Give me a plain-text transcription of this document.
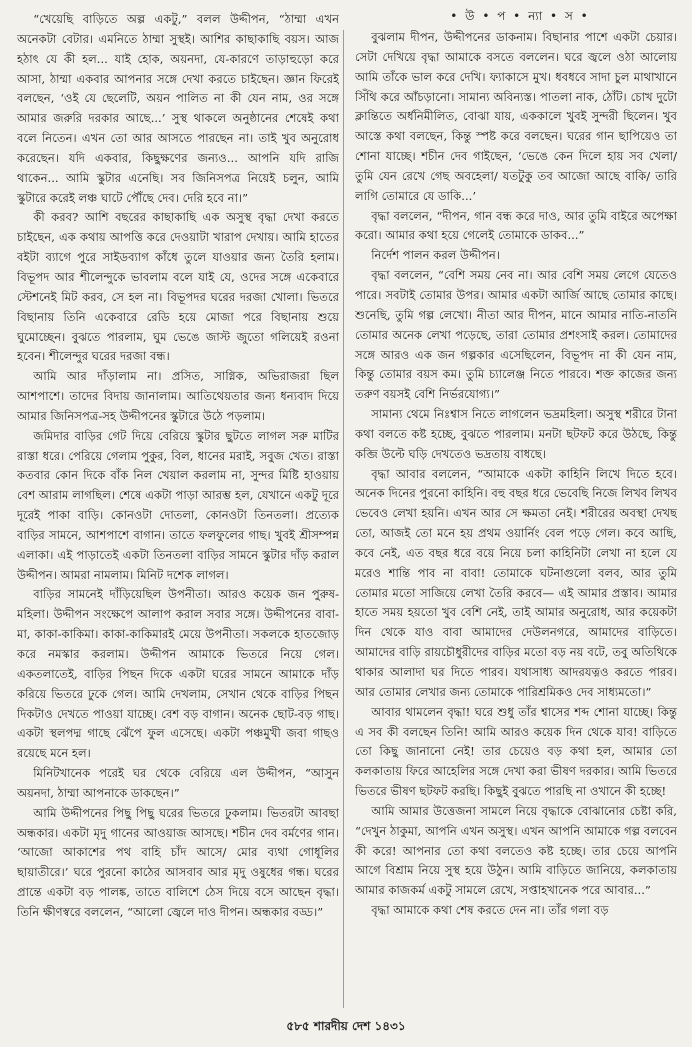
• উ • প • ন্যা • স •

“খেয়েছি বাড়িতে অল্প একটু,” বলল উদ্দীপন, “ঠাম্মা এখন অনেকটা বেটার। এমনিতে ঠাম্মা সুস্থই। আশির কাছাকাছি বয়স। আজ হঠাৎ যে কী হল... যাই হোক, অয়নদা, যে-কারণে তাড়াহুড়ো করে আসা, ঠাম্মা একবার আপনার সঙ্গে দেখা করতে চাইছেন। জ্ঞান ফিরেই বলছেন, ‘ওই যে ছেলেটি, অয়ন পালিত না কী যেন নাম, ওর সঙ্গে আমার জরুরি দরকার আছে...’ সুস্থ থাকলে অনুষ্ঠানের শেষেই কথা বলে নিতেন। এখন তো আর আসতে পারছেন না। তাই খুব অনুরোধ করেছেন। যদি একবার, কিছুক্ষণের জন্যও... আপনি যদি রাজি থাকেন... আমি স্কুটার এনেছি। সব জিনিসপত্র নিয়েই চলুন, আমি স্কুটারে করেই লঞ্চ ঘাটে পৌঁছে দেব। দেরি হবে না।”

কী করব? আশি বছরের কাছাকাছি এক অসুস্থ বৃদ্ধা দেখা করতে চাইছেন, এক কথায় আপত্তি করে দেওয়াটা খারাপ দেখায়। আমি হাতের বইটা ব্যাগে পুরে সাইডব্যাগ কাঁধে তুলে যাওয়ার জন্য তৈরি হলাম। বিভূপদ আর শীলেন্দুকে ভাবলাম বলে যাই যে, ওদের সঙ্গে একেবারে স্টেশনেই মিট করব, সে হল না। বিভূপদর ঘরের দরজা খোলা। ভিতরে বিছানায় তিনি একেবারে রেডি হয়ে মোজা পরে বিছানায় শুয়ে ঘুমোচ্ছেন। বুঝতে পারলাম, ঘুম ভেঙে জাস্ট জুতো গলিয়েই রওনা হবেন। শীলেন্দুর ঘরের দরজা বন্ধ।

আমি আর দাঁড়ালাম না। প্রসিত, সাগ্নিক, অভিরাজরা ছিল আশপাশে। তাদের বিদায় জানালাম। আতিথেয়তার জন্য ধন্যবাদ দিয়ে আমার জিনিসপত্র-সহ উদ্দীপনের স্কুটারে উঠে পড়লাম।

জমিদার বাড়ির গেট দিয়ে বেরিয়ে স্কুটার ছুটতে লাগল সরু মাটির রাস্তা ধরে। পেরিয়ে গেলাম পুকুর, বিল, ধানের মরাই, সবুজ খেত। রাস্তা কতবার কোন দিকে বাঁক নিল খেয়াল করলাম না, সুন্দর মিষ্টি হাওয়ায় বেশ আরাম লাগছিল। শেষে একটা পাড়া আরম্ভ হল, যেখানে একটু দূরে দূরেই পাকা বাড়ি। কোনওটা দোতলা, কোনওটা তিনতলা। প্রত্যেক বাড়ির সামনে, আশপাশে বাগান। তাতে ফলফুলের গাছ। খুবই শ্রীসম্পন্ন এলাকা। এই পাড়াতেই একটা তিনতলা বাড়ির সামনে স্কুটার দাঁড় করাল উদ্দীপন। আমরা নামলাম। মিনিট দশেক লাগল।

বাড়ির সামনেই দাঁড়িয়েছিল উপনীতা। আরও কয়েক জন পুরুষ-মহিলা। উদ্দীপন সংক্ষেপে আলাপ করাল সবার সঙ্গে। উদ্দীপনের বাবা-মা, কাকা-কাকিমা। কাকা-কাকিমারই মেয়ে উপনীতা। সকলকে হাতজোড় করে নমস্কার করলাম। উদ্দীপন আমাকে ভিতরে নিয়ে গেল। একতলাতেই, বাড়ির পিছন দিকে একটা ঘরের সামনে আমাকে দাঁড় করিয়ে ভিতরে ঢুকে গেল। আমি দেখলাম, সেখান থেকে বাড়ির পিছন দিকটাও দেখতে পাওয়া যাচ্ছে। বেশ বড় বাগান। অনেক ছোট-বড় গাছ। একটা স্থলপদ্ম গাছে ঝেঁপে ফুল এসেছে। একটা পঞ্চমুখী জবা গাছও রয়েছে মনে হল।

মিনিটখানেক পরেই ঘর থেকে বেরিয়ে এল উদ্দীপন, “আসুন অয়নদা, ঠাম্মা আপনাকে ডাকছেন।”

আমি উদ্দীপনের পিছু পিছু ঘরের ভিতরে ঢুকলাম। ভিতরটা আবছা অন্ধকার। একটা মৃদু গানের আওয়াজ আসছে। শচীন দেব বর্মণের গান। ‘আজো আকাশের পথ বাহি চাঁদ আসে/ মোর ব্যথা গোধূলির ছায়াতীরে।’ ঘরে পুরনো কাঠের আসবাব আর মৃদু ওষুধের গন্ধ। ঘরের প্রান্তে একটা বড় পালঙ্ক, তাতে বালিশে ঠেস দিয়ে বসে আছেন বৃদ্ধা। তিনি ক্ষীণস্বরে বললেন, “আলো জ্বেলে দাও দীপন। অন্ধকার বড্ড।”

বুঝলাম দীপন, উদ্দীপনের ডাকনাম। বিছানার পাশে একটা চেয়ার। সেটা দেখিয়ে বৃদ্ধা আমাকে বসতে বললেন। ঘরে জ্বলে ওঠা আলোয় আমি তাঁকে ভাল করে দেখি। ফ্যাকাসে মুখ। ধবধবে সাদা চুল মাথাখানে সিঁথি করে আঁচড়ানো। সামান্য অবিন্যস্ত। পাতলা নাক, ঠোঁট। চোখ দুটো ক্লান্তিতে অর্ধনিমীলিত, বোঝা যায়, এককালে খুবই সুন্দরী ছিলেন। খুব আস্তে কথা বলছেন, কিন্তু স্পষ্ট করে বলছেন। ঘরের গান ছাপিয়েও তা শোনা যাচ্ছে। শচীন দেব গাইছেন, ‘ভেঙে কেন দিলে হায় সব খেলা/ তুমি যেন রেখে গেছ অবহেলা/ যতটুকু তব আজো আছে বাকি/ তারি লাগি তোমারে যে ডাকি...’

বৃদ্ধা বললেন, “দীপন, গান বন্ধ করে দাও, আর তুমি বাইরে অপেক্ষা করো। আমার কথা হয়ে গেলেই তোমাকে ডাকব...”

নির্দেশ পালন করল উদ্দীপন।

বৃদ্ধা বললেন, “বেশি সময় নেব না। আর বেশি সময় লেগে যেতেও পারে। সবটাই তোমার উপর। আমার একটা আর্জি আছে তোমার কাছে। শুনেছি, তুমি গল্প লেখো। নীতা আর দীপন, মানে আমার নাতি-নাতনি তোমার অনেক লেখা পড়েছে, তারা তোমার প্রশংসাই করল। তোমাদের সঙ্গে আরও এক জন গল্পকার এসেছিলেন, বিভূপদ না কী যেন নাম, কিন্তু তোমার বয়স কম। তুমি চ্যালেঞ্জ নিতে পারবে। শক্ত কাজের জন্য তরুণ বয়সই বেশি নির্ভরযোগ্য।”

সামান্য থেমে নিঃশ্বাস নিতে লাগলেন ভদ্রমহিলা। অসুস্থ শরীরে টানা কথা বলতে কষ্ট হচ্ছে, বুঝতে পারলাম। মনটা ছটফট করে উঠছে, কিন্তু কব্জি উল্টে ঘড়ি দেখতেও ভদ্রতায় বাধছে।

বৃদ্ধা আবার বললেন, “আমাকে একটা কাহিনি লিখে দিতে হবে। অনেক দিনের পুরনো কাহিনি। বহু বছর ধরে ভেবেছি নিজে লিখব লিখব ভেবেও লেখা হয়নি। এখন আর সে ক্ষমতা নেই। শরীরের অবস্থা দেখছ তো, আজই তো মনে হয় প্রথম ওয়ার্নিং বেল পড়ে গেল। কবে আছি, কবে নেই, এত বছর ধরে বয়ে নিয়ে চলা কাহিনিটা লেখা না হলে যে মরেও শান্তি পাব না বাবা! তোমাকে ঘটনাগুলো বলব, আর তুমি তোমার মতো সাজিয়ে লেখা তৈরি করবে— এই আমার প্রস্তাব। আমার হাতে সময় হয়তো খুব বেশি নেই, তাই আমার অনুরোধ, আর কয়েকটা দিন থেকে যাও বাবা আমাদের দেউলনগরে, আমাদের বাড়িতে। আমাদের বাড়ি রায়চৌধুরীদের বাড়ির মতো বড় নয় বটে, তবু অতিথিকে থাকার আলাদা ঘর দিতে পারব। যথাসাধ্য আদরযত্নও করতে পারব। আর তোমার লেখার জন্য তোমাকে পারিশ্রমিকও দেব সাধ্যমতো।”

আবার থামলেন বৃদ্ধা! ঘরে শুধু তাঁর শ্বাসের শব্দ শোনা যাচ্ছে। কিন্তু এ সব কী বলছেন তিনি! আমি আরও কয়েক দিন থেকে যাব! বাড়িতে তো কিছু জানানো নেই! তার চেয়েও বড় কথা হল, আমার তো কলকাতায় ফিরে আহেলির সঙ্গে দেখা করা ভীষণ দরকার। আমি ভিতরে ভিতরে ভীষণ ছটফট করছি। কিছুই বুঝতে পারছি না ওখানে কী হচ্ছে!

আমি আমার উত্তেজনা সামলে নিয়ে বৃদ্ধাকে বোঝানোর চেষ্টা করি, “দেখুন ঠাকুমা, আপনি এখন অসুস্থ। এখন আপনি আমাকে গল্প বলবেন কী করে! আপনার তো কথা বলতেও কষ্ট হচ্ছে। তার চেয়ে আপনি আগে বিশ্রাম নিয়ে সুস্থ হয়ে উঠুন। আমি বাড়িতে জানিয়ে, কলকাতায় আমার কাজকর্ম একটু সামলে রেখে, সপ্তাহখানেক পরে আবার...”

বৃদ্ধা আমাকে কথা শেষ করতে দেন না। তাঁর গলা বড়

৫৮৫ শারদীয় দেশ ১৪৩১
